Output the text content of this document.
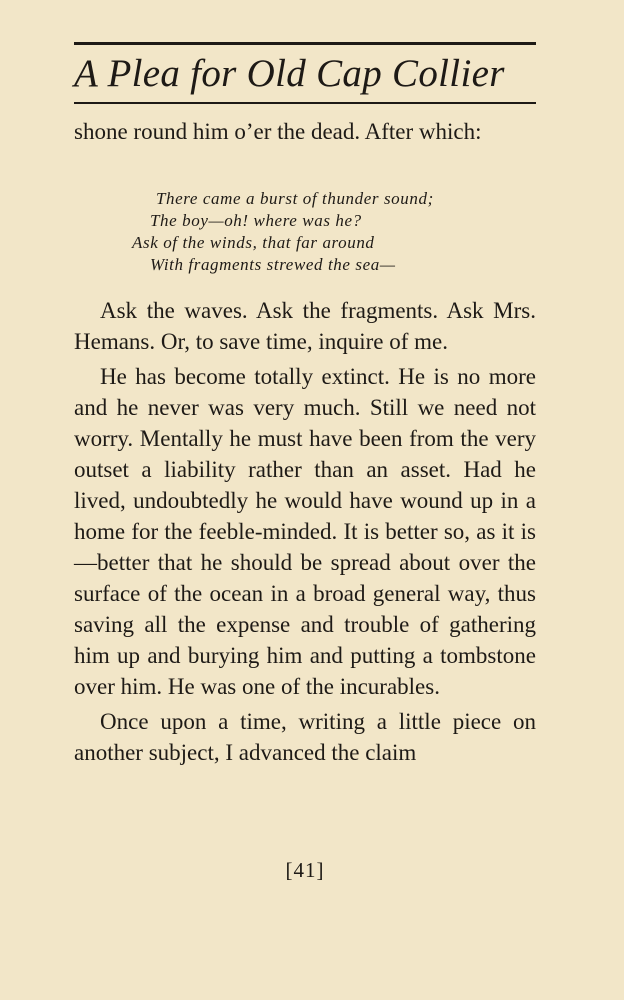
A Plea for Old Cap Collier

shone round him o’er the dead. After which:

There came a burst of thunder sound;
The boy—oh! where was he?
Ask of the winds, that far around
With fragments strewed the sea—

Ask the waves. Ask the fragments. Ask Mrs. Hemans. Or, to save time, inquire of me.

He has become totally extinct. He is no more and he never was very much. Still we need not worry. Mentally he must have been from the very outset a liability rather than an asset. Had he lived, undoubtedly he would have wound up in a home for the feeble-minded. It is better so, as it is—better that he should be spread about over the surface of the ocean in a broad general way, thus saving all the expense and trouble of gathering him up and burying him and putting a tombstone over him. He was one of the incurables.

Once upon a time, writing a little piece on another subject, I advanced the claim

[41]
